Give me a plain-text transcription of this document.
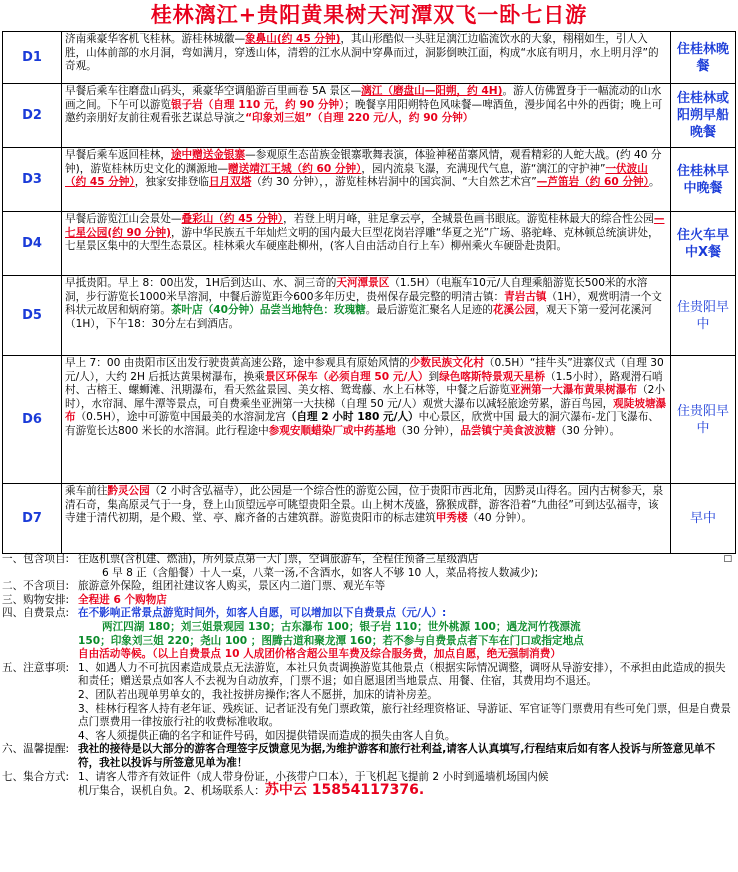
桂林漓江+贵阳黄果树天河潭双飞一卧七日游
D1	济南乘豪华客机飞桂林。游桂林城徽—象鼻山(约 45 分钟)，其山形酷似一头驻足漓江边临流饮水的大象，栩栩如生，引人入胜，山体前部的水月洞，弯如满月，穿透山体，清碧的江水从洞中穿鼻而过，洞影倒映江面，构成“水底有明月，水上明月浮”的奇观。	住桂林晚餐
D2	早餐后乘车往磨盘山码头，乘豪华空调船游百里画卷 5A 景区—漓江（磨盘山—阳朔，约 4H)。游人仿佛置身于一幅流动的山水画之间。下午可以游览银子岩（自理 110 元，约 90 分钟）；晚餐享用阳朔特色风味餐—啤酒鱼，漫步闻名中外的西街；晚上可邀约亲朋好友前往观看张艺谋总导演之“印象刘三姐”（自理 220 元/人，约 90 分钟）	住桂林或阳朔早船晚餐
D3	早餐后乘车返回桂林，途中赠送金银寨—参观原生态苗族金银寨歌舞表演，体验神秘苗寨风情，观看精彩的人蛇大战。(约 40 分钟)，游览桂林历史文化的渊源地—赠送靖江王城（约 60 分钟），园内流泉飞瀑，充满现代气息，游“漓江的守护神”一伏波山（约 45 分钟），独家安排登临日月双塔（约 30 分钟），，游览桂林岩洞中的国宾洞、“大自然艺术宫”—芦笛岩（约 60 分钟）。	住桂林早中晚餐
D4	早餐后游览江山会景处—叠彩山（约 45 分钟），若登上明月峰，驻足拿云亭，全城景色画书眼底。游览桂林最大的综合性公园—七星公园(约 90 分钟)，游中华民族五千年灿烂文明的国内最大巨型花岗岩浮雕“华夏之光”广场、骆驼峰、克林顿总统演讲处，七星景区集中的大型生态景区。桂林乘火车硬座赴柳州，(客人自由活动自行上车）柳州乘火车硬卧赴贵阳。	住火车早中X餐
D5	早抵贵阳。早上 8：00出发，1H后到达山、水、洞三奇的天河潭景区（1.5H）（电瓶车10元/人自理乘船游览长500米的水溶洞，步行游览长1000米旱溶洞，中餐后游览距今600多年历史，贵州保存最完整的明清古镇：青岩古镇（1H），观赏明清一个文科状元故居和炳府第。茶叶店（40分钟）品尝当地特色：玫瑰糖。最后游览汇聚名人足迹的花溪公园，观天下第一爱河花溪河（1H），下午18：30分左右到酒店。	住贵阳早中
D6	早上 7：00 由贵阳市区出发行驶贵黄高速公路，途中参观具有原始风情的少数民族文化村（0.5H）“挂牛头”进寨仪式（自理 30 元/人），大约 2H 后抵达黄果树瀑布，换乘景区环保车（必须自理 50 元/人）到绿色喀斯特景观天星桥（1.5小时），路观滑石哨村、古榕王、螺蛳滩、汛期瀑布，看天然盆景园、美女榕、鸳鸯藤、水上石林等，中餐之后游览亚洲第一大瀑布黄果树瀑布（2小时），水帘洞、犀牛潭等景点，可自费乘坐亚洲第一大扶梯（自理 50 元/人）观赏大瀑布以减轻旅途劳累，游百鸟园，观陡坡塘瀑布（0.5H），途中可游览中国最美的水溶洞龙宫（自理 2 小时 180 元/人）中心景区，欣赏中国 最大的洞穴瀑布-龙门飞瀑布、有游览长达800 米长的水溶洞。此行程途中参观安顺蜡染厂或中药基地（30 分钟），品尝镇宁美食波波糖（30 分钟）。	住贵阳早中
D7	乘车前往黔灵公园（2 小时含弘福寺），此公园是一个综合性的游览公园，位于贵阳市西北角，因黔灵山得名。园内古树参天，泉清石奇，集高原灵气于一身，登上山顶望远亭可眺望贵阳全景。山上树木茂盛，猕猴成群，游客沿着“九曲径”可到达弘福寺，该寺建于清代初期，是个殿、堂、亭、廊齐备的古建筑群。游览贵阳市的标志建筑甲秀楼（40 分钟）。	早中
□
一、包含项目: 往返机票(含机建、燃油)，所列景点第一大门票，空调旅游车，全程住预备三星级酒店
6 早 8 正（含船餐）十人一桌，八菜一汤,不含酒水，如客人不够 10 人，菜品将按人数减少);
二、不含项目: 旅游意外保险，组团社建议客人购买，景区内二道门票、观光车等
三、购物安排: 全程进 6 个购物店
四、自费景点: 在不影响正常景点游览时间外，如客人自愿，可以增加以下自费景点（元/人）:
两江四湖 180；刘三姐景观园 130；古东瀑布 100；银子岩 110；世外桃源 100；遇龙河竹筏漂流
150；印象刘三姐 220；尧山 100 ；图腾古道和聚龙潭 160；若不参与自费景点者下车在门口或指定地点
自由活动等候。（以上自费景点 10 人成团价格含超公里车费及综合服务费，加点自愿，绝无强制消费）
五、注意事项: 1、如遇人力不可抗因素造成景点无法游览，本社只负责调换游览其他景点（根据实际情况调整，调呀从导游安排），不承担由此造成的损失和责任；赠送景点如客人不去视为自动放弃，门票不退；如自愿退团当地景点、用餐、住宿，其费用均不退还。
2、团队若出现单男单女的，我社按拼房操作;客人不愿拼，加床的请补房差。
3、桂林行程客人持有老年证、残疾证、记者证没有免门票政策，旅行社经理资格证、导游证、军官证等门票费用有些可免门票，但是自费景点门票费用一律按旅行社的收费标准收取。
4、客人须提供正确的名字和证件号码，如因提供错误而造成的损失由客人自负。
六、温馨提醒: 我社的接待是以大部分的游客合理签字反馈意见为据,为维护游客和旅行社利益,请客人认真填写,行程结束后如有客人投诉与所签意见单不符，我社以投诉与所签意见单为准！
七、集合方式: 1、请客人带齐有效证件（成人带身份证，小孩带户口本），于飞机起飞提前 2 小时到遥墙机场国内候
机厅集合，误机自负。2、机场联系人：苏中云 15854117376.
